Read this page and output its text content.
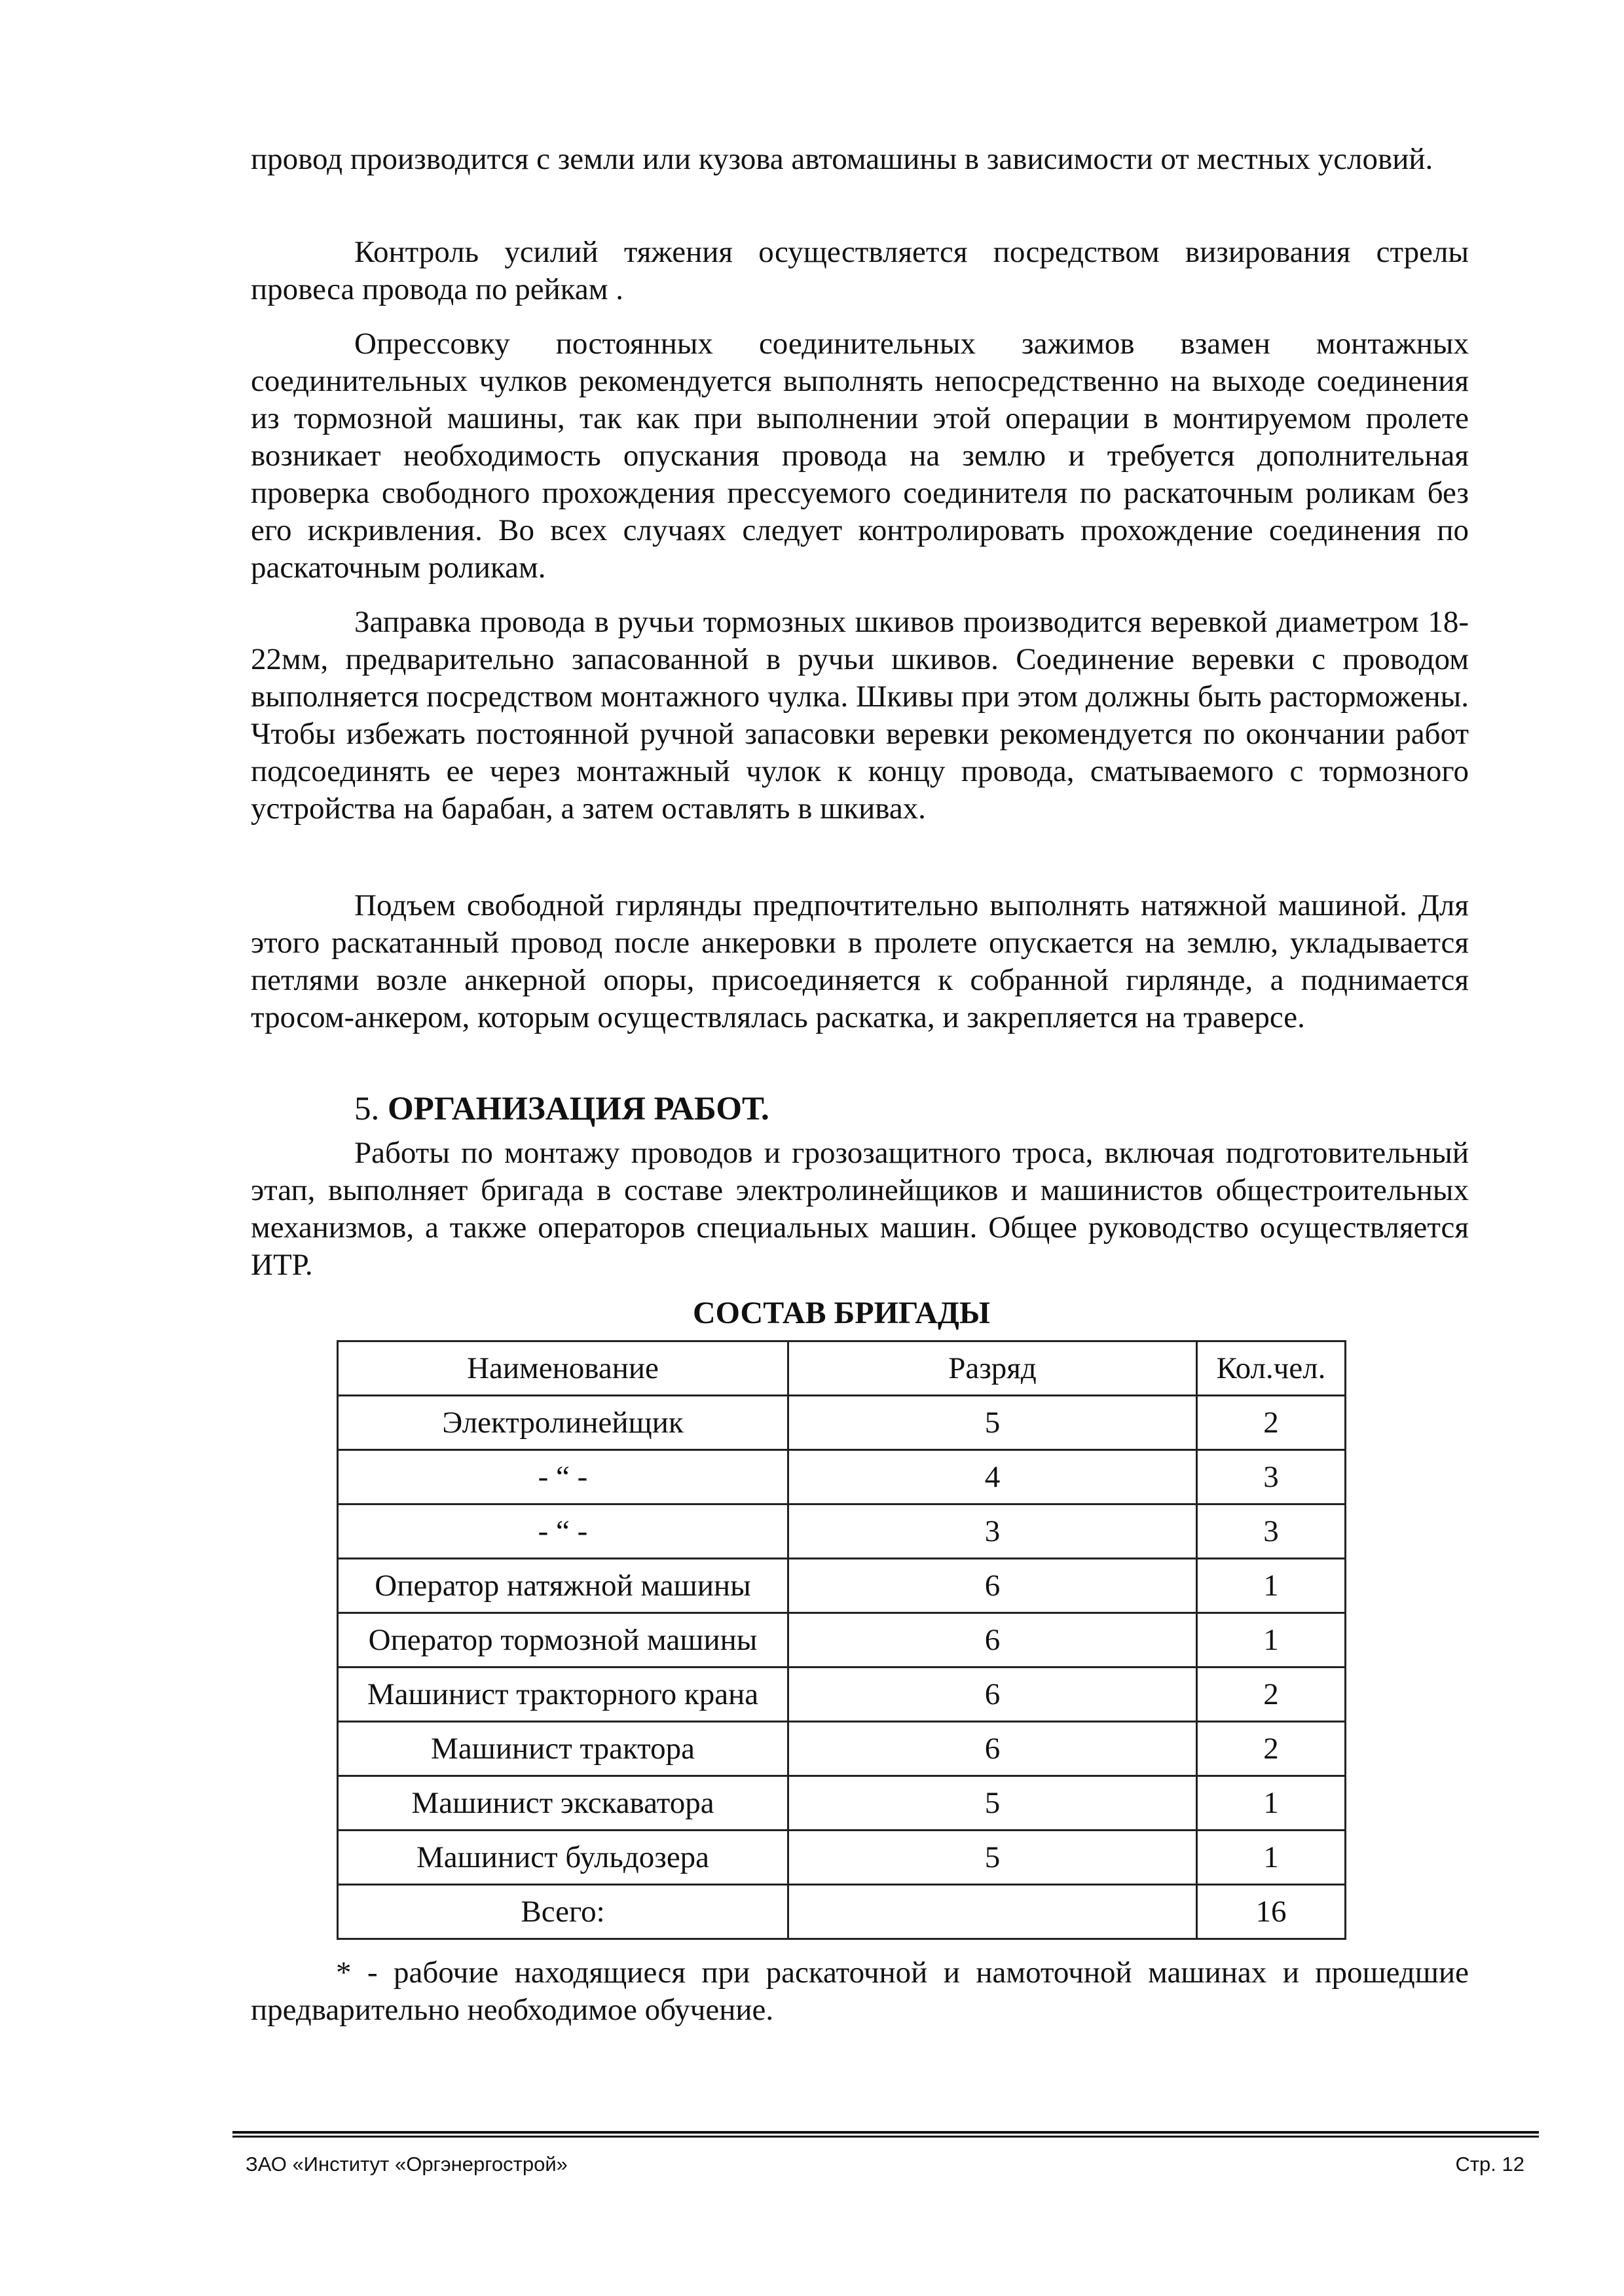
провод производится с земли или кузова автомашины в зависимости от местных условий.

Контроль усилий тяжения осуществляется посредством визирования стрелы провеса провода по рейкам .

Опрессовку постоянных соединительных зажимов взамен монтажных соединительных чулков рекомендуется выполнять непосредственно на выходе соединения из тормозной машины, так как при выполнении этой операции в монтируемом пролете возникает необходимость опускания провода на землю и требуется дополнительная проверка свободного прохождения прессуемого соединителя по раскаточным роликам без его искривления. Во всех случаях следует контролировать прохождение соединения по раскаточным роликам.

Заправка провода в ручьи тормозных шкивов производится веревкой диаметром 18-22мм, предварительно запасованной в ручьи шкивов. Соединение веревки с проводом выполняется посредством монтажного чулка. Шкивы при этом должны быть расторможены. Чтобы избежать постоянной ручной запасовки веревки рекомендуется по окончании работ подсоединять ее через монтажный чулок к концу провода, сматываемого с тормозного устройства на барабан, а затем оставлять в шкивах.

Подъем свободной гирлянды предпочтительно выполнять натяжной машиной. Для этого раскатанный провод после анкеровки в пролете опускается на землю, укладывается петлями возле анкерной опоры, присоединяется к собранной гирлянде, а поднимается тросом-анкером, которым осуществлялась раскатка, и закрепляется на траверсе.

5. ОРГАНИЗАЦИЯ РАБОТ.

Работы по монтажу проводов и грозозащитного троса, включая подготовительный этап, выполняет бригада в составе электролинейщиков и машинистов общестроительных механизмов, а также операторов специальных машин. Общее руководство осуществляется ИТР.

СОСТАВ БРИГАДЫ
Наименование	Разряд	Кол.чел.
Электролинейщик	5	2
- “ -	4	3
- “ -	3	3
Оператор натяжной машины	6	1
Оператор тормозной машины	6	1
Машинист тракторного крана	6	2
Машинист трактора	6	2
Машинист экскаватора	5	1
Машинист бульдозера	5	1
Всего:		16

* - рабочие находящиеся при раскаточной и намоточной машинах и прошедшие предварительно необходимое обучение.

ЗАО «Институт «Оргэнергострой»	Стр. 12
